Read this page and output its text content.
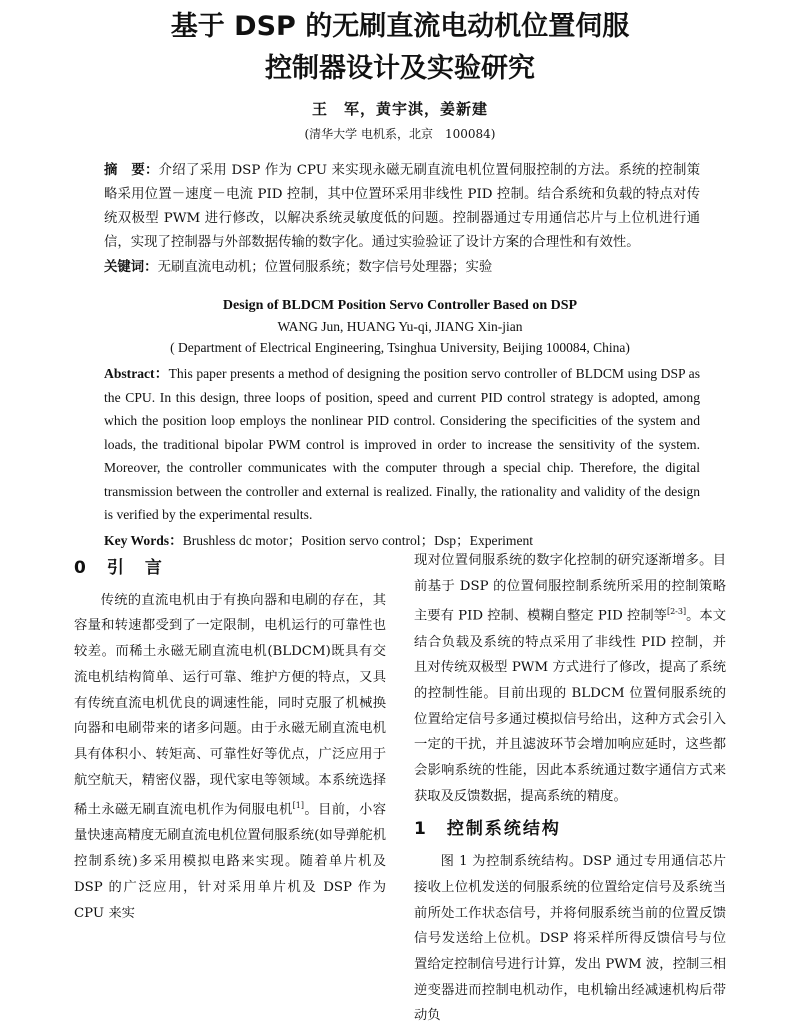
基于 DSP 的无刷直流电动机位置伺服
控制器设计及实验研究
王　军，黄宇淇，姜新建
(清华大学 电机系，北京　100084)
摘　要：介绍了采用 DSP 作为 CPU 来实现永磁无刷直流电机位置伺服控制的方法。系统的控制策略采用位置－速度－电流 PID 控制，其中位置环采用非线性 PID 控制。结合系统和负载的特点对传统双极型 PWM 进行修改，以解决系统灵敏度低的问题。控制器通过专用通信芯片与上位机进行通信，实现了控制器与外部数据传输的数字化。通过实验验证了设计方案的合理性和有效性。
关键词：无刷直流电动机；位置伺服系统；数字信号处理器；实验
Design of BLDCM Position Servo Controller Based on DSP
WANG Jun, HUANG Yu-qi, JIANG Xin-jian
( Department of Electrical Engineering, Tsinghua University, Beijing 100084, China)
Abstract：This paper presents a method of designing the position servo controller of BLDCM using DSP as the CPU. In this design, three loops of position, speed and current PID control strategy is adopted, among which the position loop employs the nonlinear PID control. Considering the specificities of the system and loads, the traditional bipolar PWM control is improved in order to increase the sensitivity of the system. Moreover, the controller communicates with the computer through a special chip. Therefore, the digital transmission between the controller and external is realized. Finally, the rationality and validity of the design is verified by the experimental results.
Key Words：Brushless dc motor；Position servo control；Dsp；Experiment
0　引　言

传统的直流电机由于有换向器和电刷的存在，其容量和转速都受到了一定限制，电机运行的可靠性也较差。而稀土永磁无刷直流电机(BLDCM)既具有交流电机结构简单、运行可靠、维护方便的特点，又具有传统直流电机优良的调速性能，同时克服了机械换向器和电刷带来的诸多问题。由于永磁无刷直流电机具有体积小、转矩高、可靠性好等优点，广泛应用于航空航天，精密仪器，现代家电等领域。本系统选择稀土永磁无刷直流电机作为伺服电机[1]。目前，小容量快速高精度无刷直流电机位置伺服系统(如导弹舵机控制系统)多采用模拟电路来实现。随着单片机及 DSP 的广泛应用，针对采用单片机及 DSP 作为 CPU 来实

现对位置伺服系统的数字化控制的研究逐渐增多。目前基于 DSP 的位置伺服控制系统所采用的控制策略主要有 PID 控制、模糊自整定 PID 控制等[2-3]。本文结合负载及系统的特点采用了非线性 PID 控制，并且对传统双极型 PWM 方式进行了修改，提高了系统的控制性能。目前出现的 BLDCM 位置伺服系统的位置给定信号多通过模拟信号给出，这种方式会引入一定的干扰，并且滤波环节会增加响应延时，这些都会影响系统的性能，因此本系统通过数字通信方式来获取及反馈数据，提高系统的精度。

1　控制系统结构

图 1 为控制系统结构。DSP 通过专用通信芯片接收上位机发送的伺服系统的位置给定信号及系统当前所处工作状态信号，并将伺服系统当前的位置反馈信号发送给上位机。DSP 将采样所得反馈信号与位置给定控制信号进行计算，发出 PWM 波，控制三相逆变器进而控制电机动作，电机输出经减速机构后带动负
